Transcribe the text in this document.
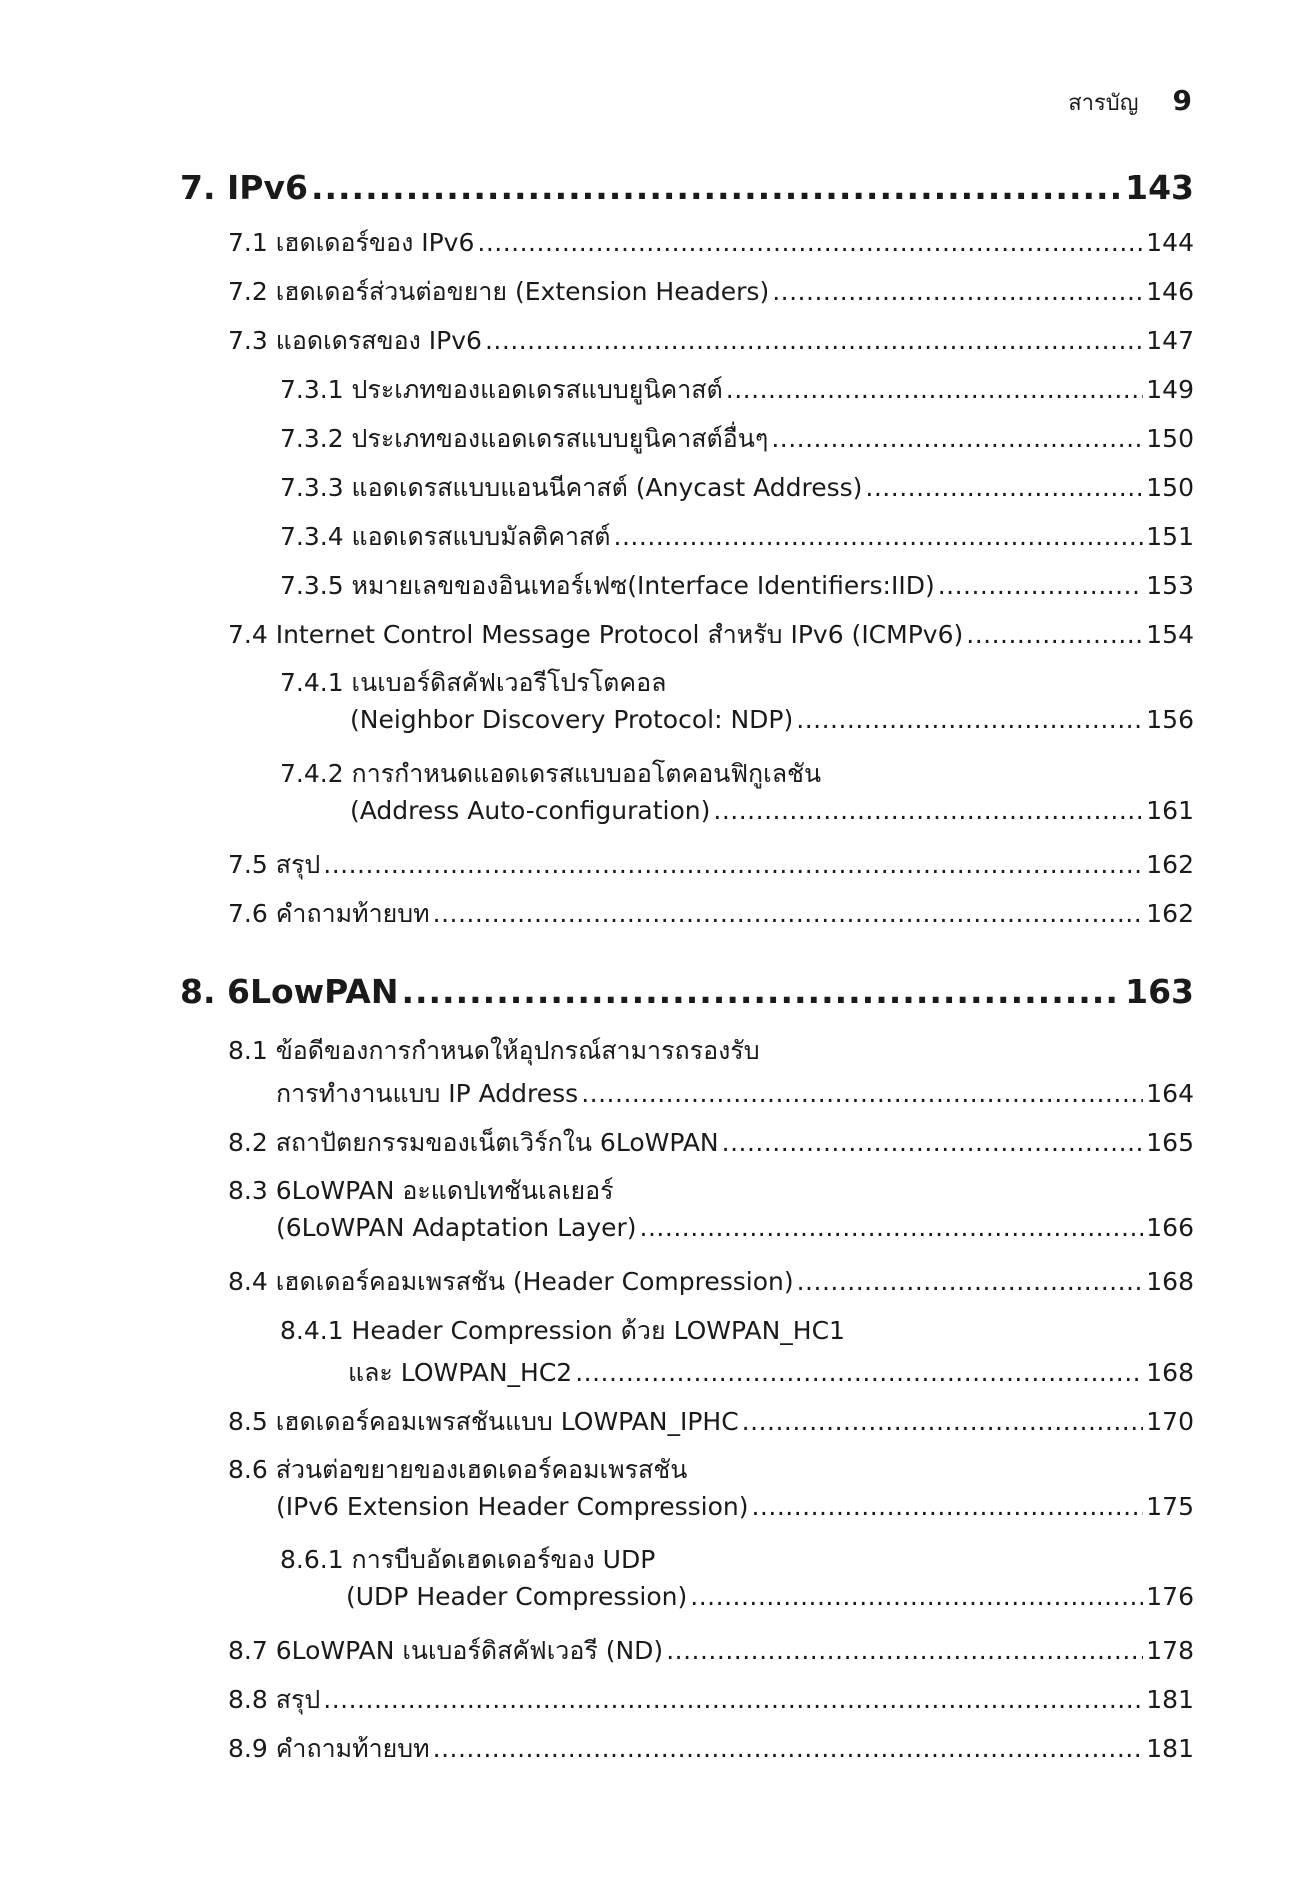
สารบัญ 9
7. IPv6 .....	143
7.1 เฮดเดอร์ของ IPv6 .....	144
7.2 เฮดเดอร์ส่วนต่อขยาย (Extension Headers) .....	146
7.3 แอดเดรสของ IPv6 .....	147
7.3.1 ประเภทของแอดเดรสแบบยูนิคาสต์ .....	149
7.3.2 ประเภทของแอดเดรสแบบยูนิคาสต์อื่นๆ .....	150
7.3.3 แอดเดรสแบบแอนนีคาสต์ (Anycast Address) .....	150
7.3.4 แอดเดรสแบบมัลติคาสต์ .....	151
7.3.5 หมายเลขของอินเทอร์เฟซ(Interface Identifiers:IID) .....	153
7.4 Internet Control Message Protocol สำหรับ IPv6 (ICMPv6) .....	154
7.4.1 เนเบอร์ดิสคัฟเวอรีโปรโตคอล
(Neighbor Discovery Protocol: NDP) .....	156
7.4.2 การกำหนดแอดเดรสแบบออโตคอนฟิกูเลชัน
(Address Auto-configuration) .....	161
7.5 สรุป .....	162
7.6 คำถามท้ายบท .....	162
8. 6LowPAN .....	163
8.1 ข้อดีของการกำหนดให้อุปกรณ์สามารถรองรับ
การทำงานแบบ IP Address .....	164
8.2 สถาปัตยกรรมของเน็ตเวิร์กใน 6LoWPAN .....	165
8.3 6LoWPAN อะแดปเทชันเลเยอร์
(6LoWPAN Adaptation Layer) .....	166
8.4 เฮดเดอร์คอมเพรสชัน (Header Compression) .....	168
8.4.1 Header Compression ด้วย LOWPAN_HC1
และ LOWPAN_HC2 .....	168
8.5 เฮดเดอร์คอมเพรสชันแบบ LOWPAN_IPHC .....	170
8.6 ส่วนต่อขยายของเฮดเดอร์คอมเพรสชัน
(IPv6 Extension Header Compression) .....	175
8.6.1 การบีบอัดเฮดเดอร์ของ UDP
(UDP Header Compression) .....	176
8.7 6LoWPAN เนเบอร์ดิสคัฟเวอรี (ND) .....	178
8.8 สรุป .....	181
8.9 คำถามท้ายบท .....	181
